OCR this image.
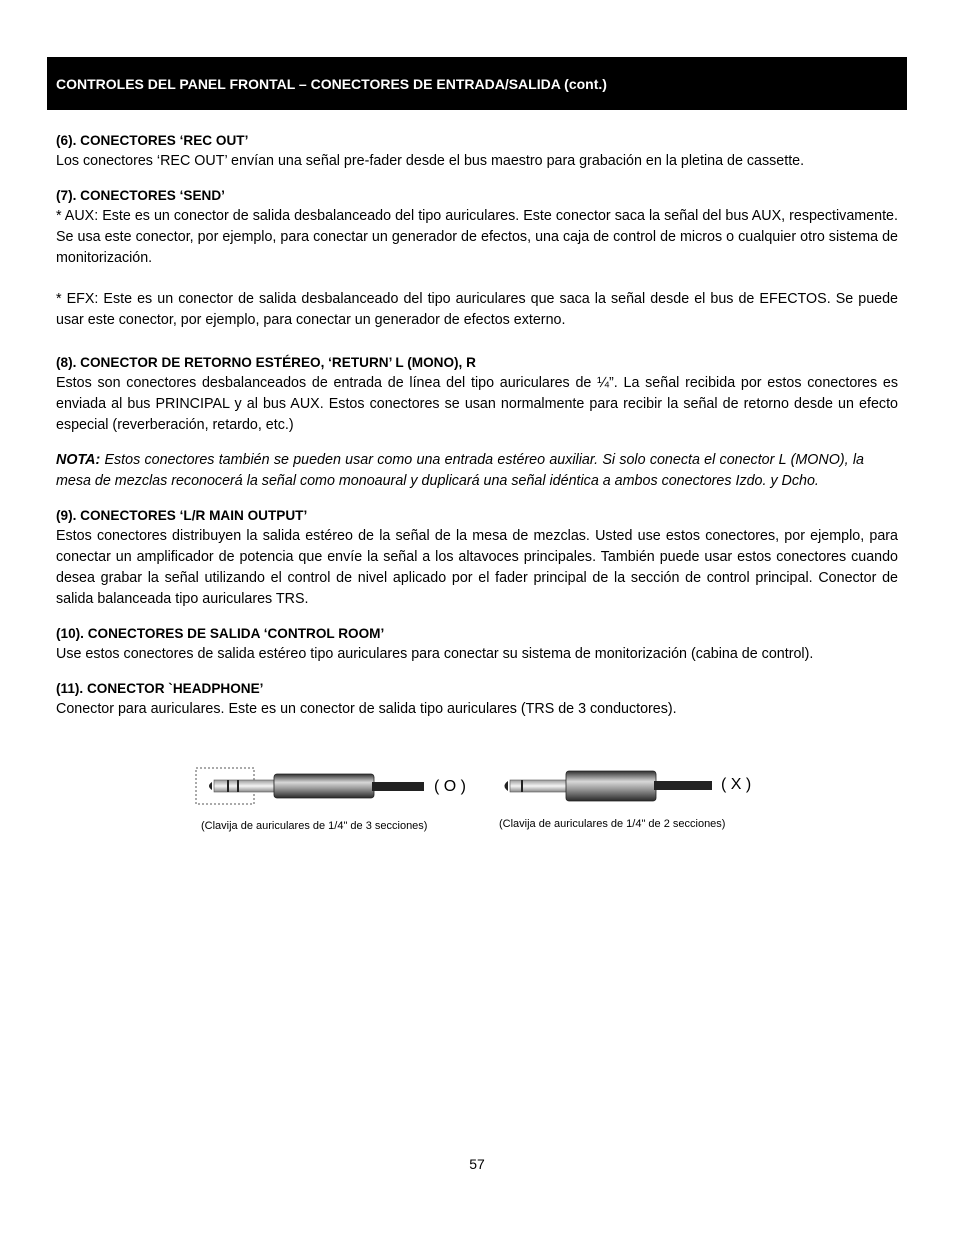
CONTROLES DEL PANEL FRONTAL – CONECTORES DE ENTRADA/SALIDA (cont.)

(6). CONECTORES ‘REC OUT’

Los conectores ‘REC OUT’ envían una señal pre-fader desde el bus maestro para grabación en la pletina de cassette.

(7). CONECTORES ‘SEND’

* AUX: Este es un conector de salida desbalanceado del tipo auriculares. Este conector saca la señal del bus AUX, respectivamente. Se usa este conector, por ejemplo, para conectar un generador de efectos, una caja de control de micros o cualquier otro sistema de monitorización.

* EFX: Este es un conector de salida desbalanceado del tipo auriculares que saca la señal desde el bus de EFECTOS. Se puede usar este conector, por ejemplo, para conectar un generador de efectos externo.

(8). CONECTOR DE RETORNO ESTÉREO, ‘RETURN’ L (MONO), R

Estos son conectores desbalanceados de entrada de línea del tipo auriculares de ¼”. La señal recibida por estos conectores es enviada al bus PRINCIPAL y al bus AUX. Estos conectores se usan normalmente para recibir la señal de retorno desde un efecto especial (reverberación, retardo, etc.)

NOTA: Estos conectores también se pueden usar como una entrada estéreo auxiliar. Si solo conecta el conector L (MONO), la mesa de mezclas reconocerá la señal como monoaural y duplicará una señal idéntica a ambos conectores Izdo. y Dcho.

(9). CONECTORES ‘L/R MAIN OUTPUT’

Estos conectores distribuyen la salida estéreo de la señal de la mesa de mezclas. Usted use estos conectores, por ejemplo, para conectar un amplificador de potencia que envíe la señal a los altavoces principales. También puede usar estos conectores cuando desea grabar la señal utilizando el control de nivel aplicado por el fader principal de la sección de control principal. Conector de salida balanceada tipo auriculares TRS.

(10). CONECTORES DE SALIDA ‘CONTROL ROOM’

Use estos conectores de salida estéreo tipo auriculares para conectar su sistema de monitorización (cabina de control).

(11). CONECTOR `HEADPHONE’

Conector para auriculares. Este es un conector de salida tipo auriculares (TRS de 3 conductores).

( O )	( X )
(Clavija de auriculares de 1/4" de 3 secciones)	(Clavija de auriculares de 1/4" de 2 secciones)
57
